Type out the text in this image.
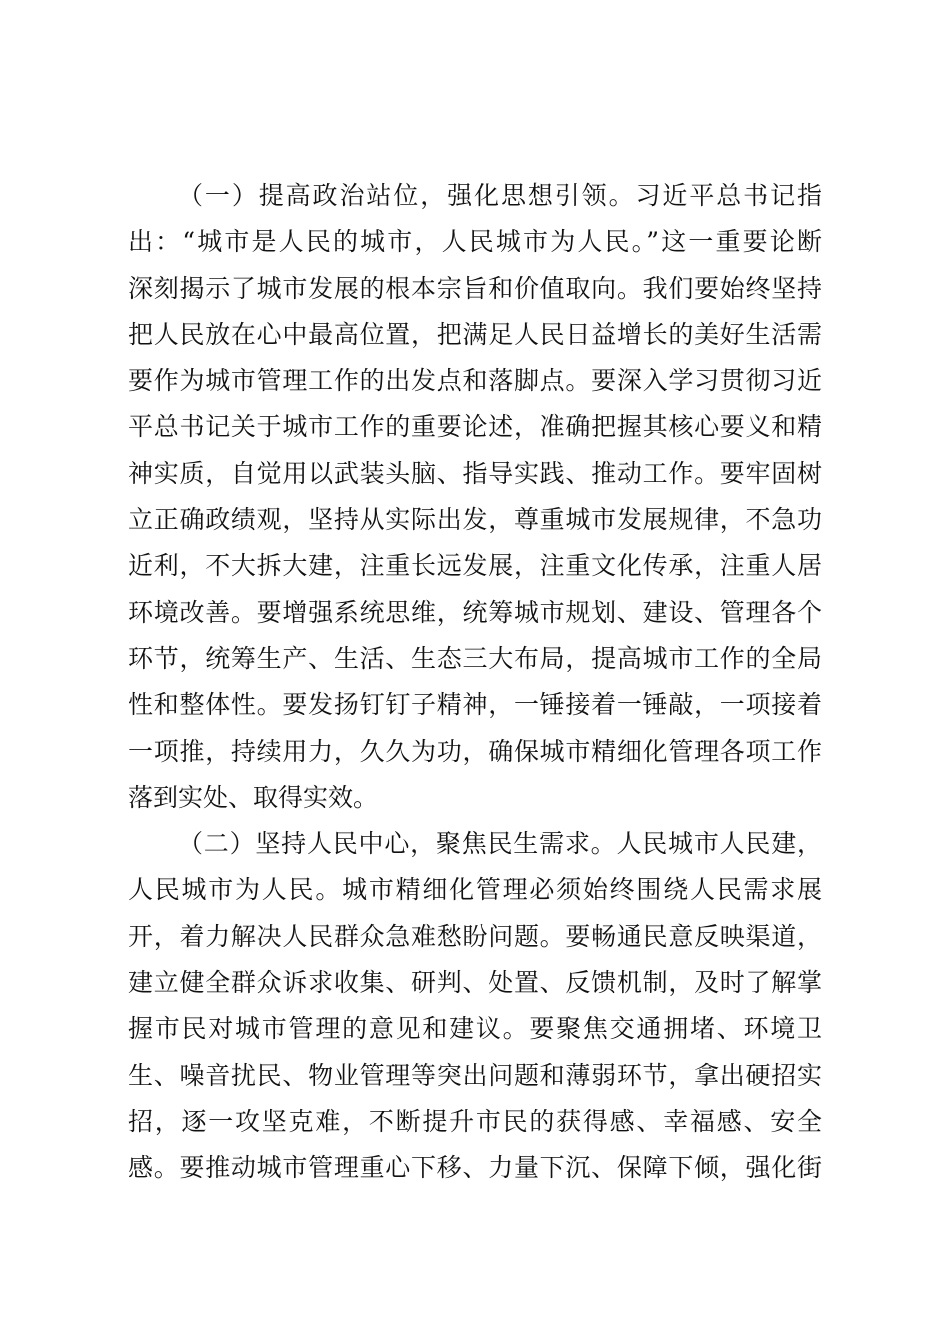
（一）提高政治站位，强化思想引领。习近平总书记指
出：“城市是人民的城市，人民城市为人民。”这一重要论断
深刻揭示了城市发展的根本宗旨和价值取向。我们要始终坚持
把人民放在心中最高位置，把满足人民日益增长的美好生活需
要作为城市管理工作的出发点和落脚点。要深入学习贯彻习近
平总书记关于城市工作的重要论述，准确把握其核心要义和精
神实质，自觉用以武装头脑、指导实践、推动工作。要牢固树
立正确政绩观，坚持从实际出发，尊重城市发展规律，不急功
近利，不大拆大建，注重长远发展，注重文化传承，注重人居
环境改善。要增强系统思维，统筹城市规划、建设、管理各个
环节，统筹生产、生活、生态三大布局，提高城市工作的全局
性和整体性。要发扬钉钉子精神，一锤接着一锤敲，一项接着
一项推，持续用力，久久为功，确保城市精细化管理各项工作
落到实处、取得实效。
（二）坚持人民中心，聚焦民生需求。人民城市人民建，
人民城市为人民。城市精细化管理必须始终围绕人民需求展
开，着力解决人民群众急难愁盼问题。要畅通民意反映渠道，
建立健全群众诉求收集、研判、处置、反馈机制，及时了解掌
握市民对城市管理的意见和建议。要聚焦交通拥堵、环境卫
生、噪音扰民、物业管理等突出问题和薄弱环节，拿出硬招实
招，逐一攻坚克难，不断提升市民的获得感、幸福感、安全
感。要推动城市管理重心下移、力量下沉、保障下倾，强化街
